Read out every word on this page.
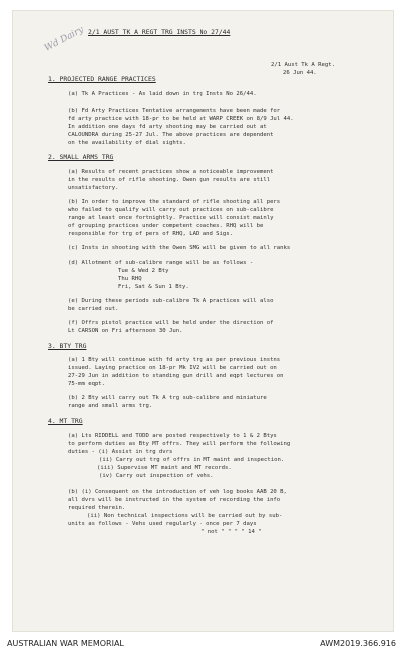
Wd Dairy 2/1 AUST TK A REGT TRG INSTS No 27/44
2/1 Aust Tk A Regt.
26 Jun 44.
1. PROJECTED RANGE PRACTICES
(a) Tk A Practices - As laid down in trg Insts No 26/44.
(b) Fd Arty Practices Tentative arrangements have been made for
fd arty practice with 18-pr to be held at WARP CREEK on 8/9 Jul 44.
In addition one days fd arty shooting may be carried out at
CALOUNDRA during 25-27 Jul. The above practices are dependent
on the availability of dial sights.
2. SMALL ARMS TRG
(a) Results of recent practices show a noticeable improvement
in the results of rifle shooting. Owen gun results are still
unsatisfactory.
(b) In order to improve the standard of rifle shooting all pers
who failed to qualify will carry out practices on sub-calibre
range at least once fortnightly. Practice will consist mainly
of grouping practices under competent coaches. RHQ will be
responsible for trg of pers of RHQ, LAD and Sigs.
(c) Insts in shooting with the Owen SMG will be given to all ranks
(d) Allotment of sub-calibre range will be as follows -
Tue & Wed 2 Bty
Thu RHQ
Fri, Sat & Sun 1 Bty.
(e) During these periods sub-calibre Tk A practices will also
be carried out.
(f) Offrs pistol practice will be held under the direction of
Lt CARSON on Fri afternoon 30 Jun.
3. BTY TRG
(a) 1 Bty will continue with fd arty trg as per previous instns
issued. Laying practice on 18-pr Mk IV2 will be carried out on
27-29 Jun in addition to standing gun drill and eqpt lectures on
75-mm eqpt.
(b) 2 Bty will carry out Tk A trg sub-calibre and miniature
range and small arms trg.
4. MT TRG
(a) Lts RIDDELL and TODD are posted respectively to 1 & 2 Btys
to perform duties as Bty MT offrs. They will perform the following
duties - (i) Assist in trg dvrs
(ii) Carry out trg of offrs in MT maint and inspection.
(iii) Supervise MT maint and MT records.
(iv) Carry out inspection of vehs.
(b) (i) Consequent on the introduction of veh log books AAB 20 B,
all dvrs will be instructed in the system of recording the info
required therein.
(ii) Non technical inspections will be carried out by sub-
units as follows - Vehs used regularly - once per 7 days
" not " " " " 14 "
AUSTRALIAN WAR MEMORIAL	AWM2019.366.916
